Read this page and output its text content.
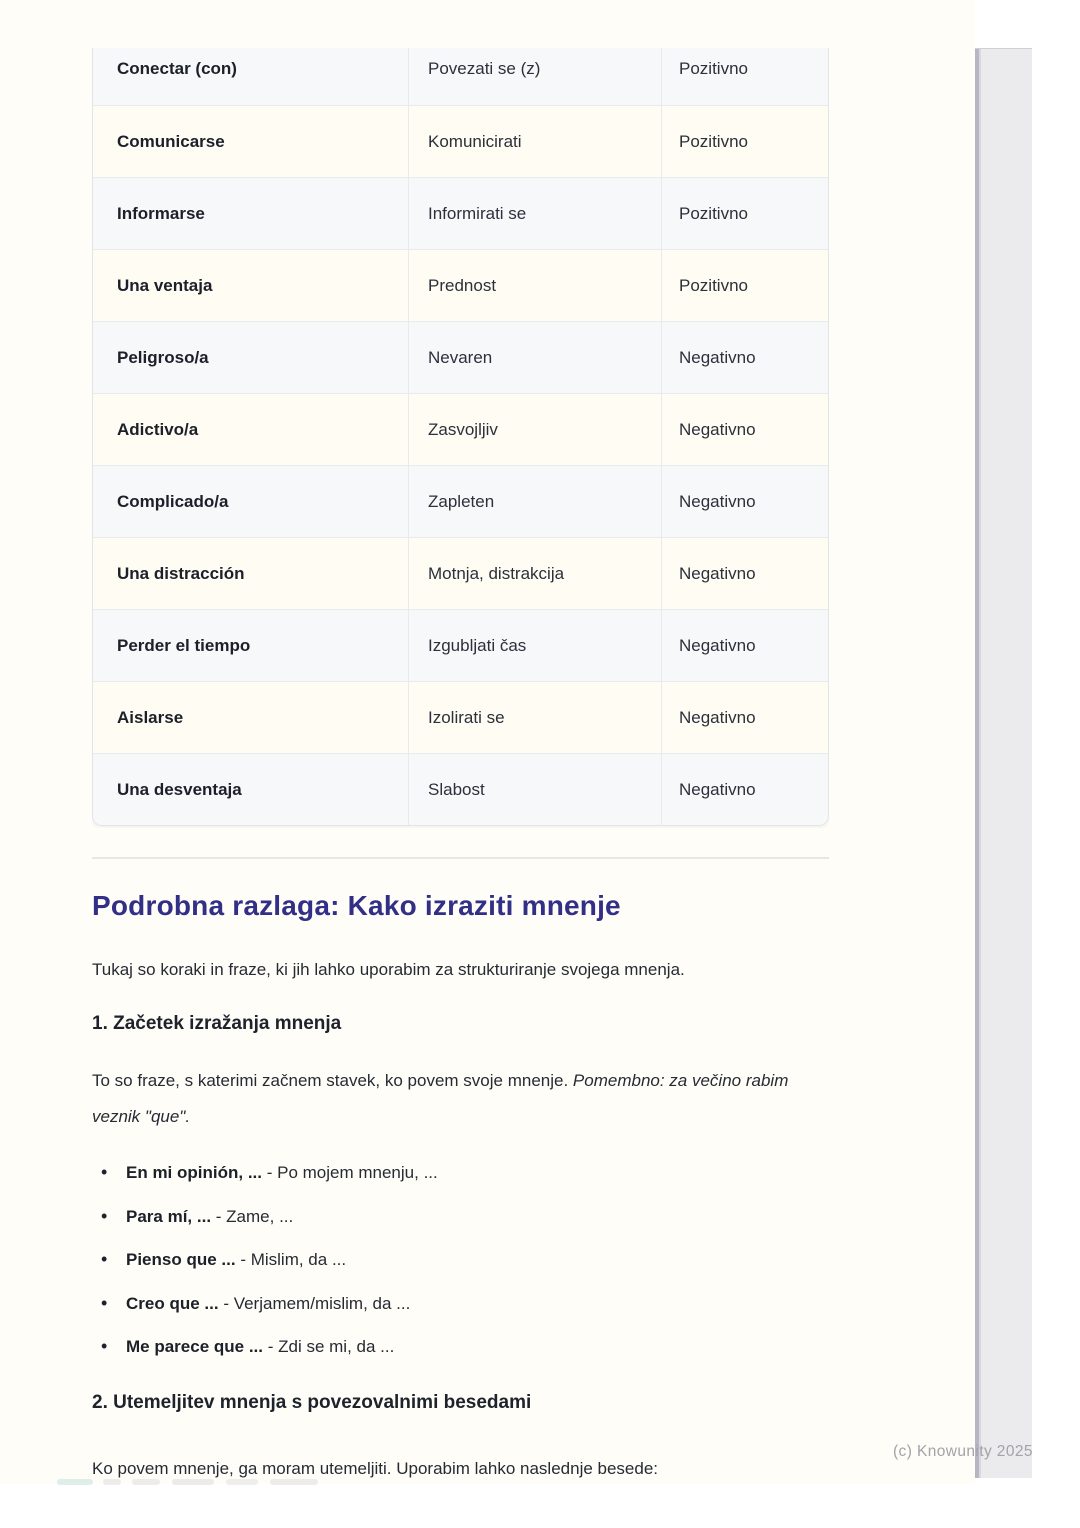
Conectar (con)	Povezati se (z)	Pozitivno
Comunicarse	Komunicirati	Pozitivno
Informarse	Informirati se	Pozitivno
Una ventaja	Prednost	Pozitivno
Peligroso/a	Nevaren	Negativno
Adictivo/a	Zasvojljiv	Negativno
Complicado/a	Zapleten	Negativno
Una distracción	Motnja, distrakcija	Negativno
Perder el tiempo	Izgubljati čas	Negativno
Aislarse	Izolirati se	Negativno
Una desventaja	Slabost	Negativno
Podrobna razlaga: Kako izraziti mnenje

Tukaj so koraki in fraze, ki jih lahko uporabim za strukturiranje svojega mnenja.

1. Začetek izražanja mnenja

To so fraze, s katerimi začnem stavek, ko povem svoje mnenje. Pomembno: za večino rabim veznik "que".

• En mi opinión, ... - Po mojem mnenju, ...
• Para mí, ... - Zame, ...
• Pienso que ... - Mislim, da ...
• Creo que ... - Verjamem/mislim, da ...
• Me parece que ... - Zdi se mi, da ...
2. Utemeljitev mnenja s povezovalnimi besedami

Ko povem mnenje, ga moram utemeljiti. Uporabim lahko naslednje besede:

(c) Knowunity 2025
